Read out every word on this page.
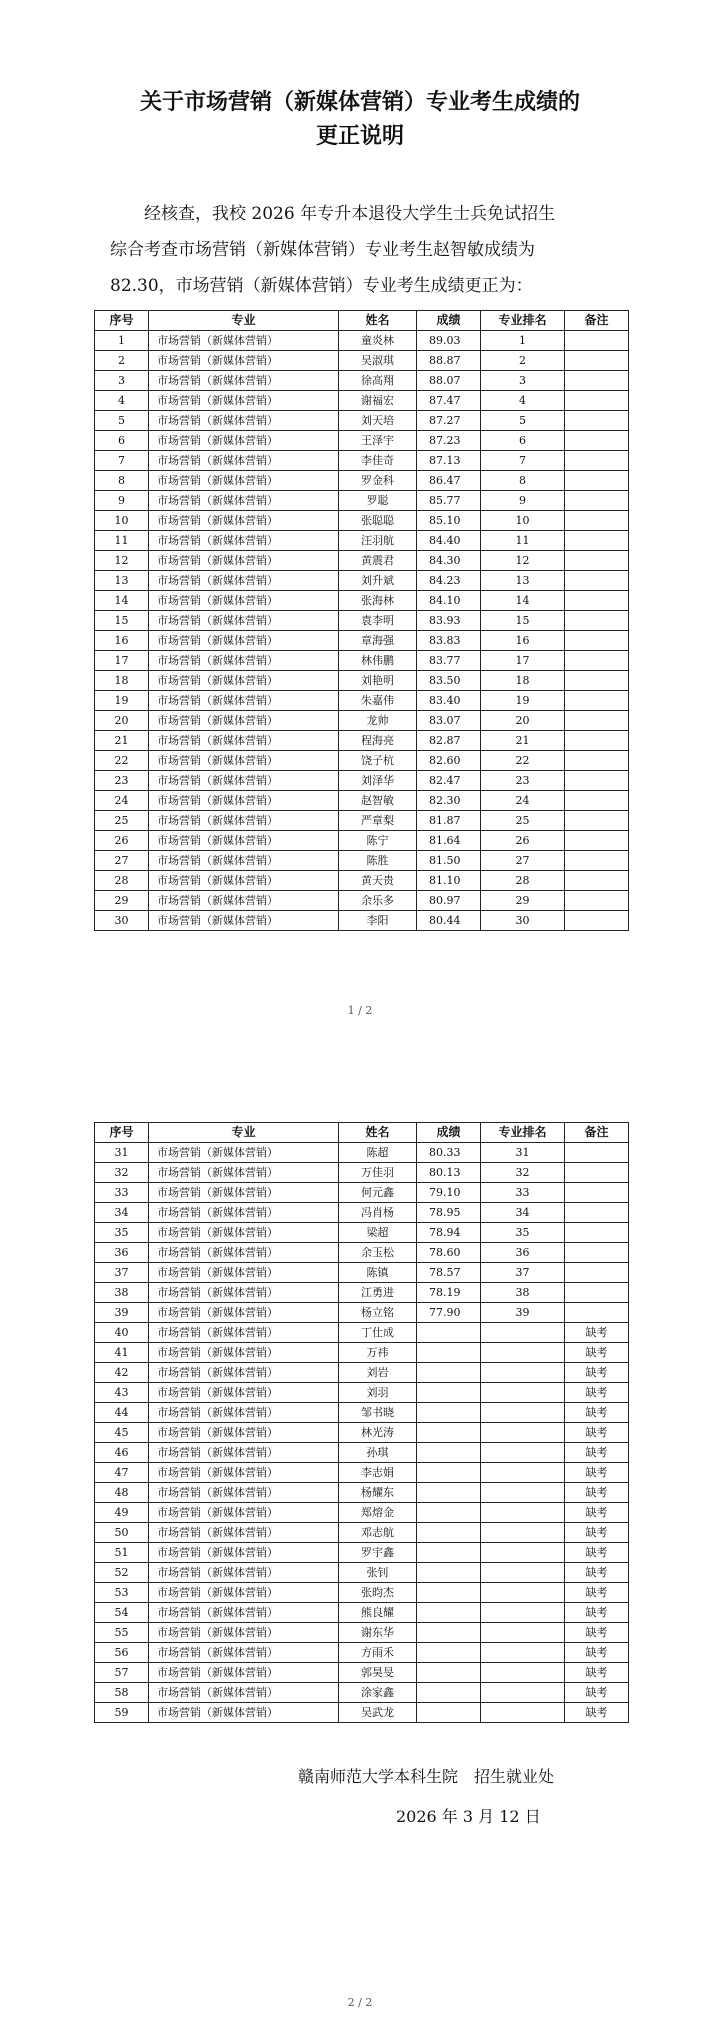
关于市场营销（新媒体营销）专业考生成绩的
更正说明

经核查，我校 2026 年专升本退役大学生士兵免试招生

综合考查市场营销（新媒体营销）专业考生赵智敏成绩为

82.30，市场营销（新媒体营销）专业考生成绩更正为：

序号	专业	姓名	成绩	专业排名	备注
1	市场营销（新媒体营销）	童炎林	89.03	1	
2	市场营销（新媒体营销）	吴淑琪	88.87	2	
3	市场营销（新媒体营销）	徐高翔	88.07	3	
4	市场营销（新媒体营销）	谢福宏	87.47	4	
5	市场营销（新媒体营销）	刘天培	87.27	5	
6	市场营销（新媒体营销）	王泽宇	87.23	6	
7	市场营销（新媒体营销）	李佳奇	87.13	7	
8	市场营销（新媒体营销）	罗金科	86.47	8	
9	市场营销（新媒体营销）	罗聪	85.77	9	
10	市场营销（新媒体营销）	张聪聪	85.10	10	
11	市场营销（新媒体营销）	汪羽航	84.40	11	
12	市场营销（新媒体营销）	黄震君	84.30	12	
13	市场营销（新媒体营销）	刘升斌	84.23	13	
14	市场营销（新媒体营销）	张海林	84.10	14	
15	市场营销（新媒体营销）	袁李明	83.93	15	
16	市场营销（新媒体营销）	章海强	83.83	16	
17	市场营销（新媒体营销）	林伟鹏	83.77	17	
18	市场营销（新媒体营销）	刘艳明	83.50	18	
19	市场营销（新媒体营销）	朱嘉伟	83.40	19	
20	市场营销（新媒体营销）	龙帅	83.07	20	
21	市场营销（新媒体营销）	程海亮	82.87	21	
22	市场营销（新媒体营销）	饶子杭	82.60	22	
23	市场营销（新媒体营销）	刘泽华	82.47	23	
24	市场营销（新媒体营销）	赵智敏	82.30	24	
25	市场营销（新媒体营销）	严章梨	81.87	25	
26	市场营销（新媒体营销）	陈宁	81.64	26	
27	市场营销（新媒体营销）	陈胜	81.50	27	
28	市场营销（新媒体营销）	黄天贵	81.10	28	
29	市场营销（新媒体营销）	余乐多	80.97	29	
30	市场营销（新媒体营销）	李阳	80.44	30	
1 / 2
序号	专业	姓名	成绩	专业排名	备注
31	市场营销（新媒体营销）	陈超	80.33	31	
32	市场营销（新媒体营销）	万佳羽	80.13	32	
33	市场营销（新媒体营销）	何元鑫	79.10	33	
34	市场营销（新媒体营销）	冯肖杨	78.95	34	
35	市场营销（新媒体营销）	梁超	78.94	35	
36	市场营销（新媒体营销）	余玉松	78.60	36	
37	市场营销（新媒体营销）	陈镇	78.57	37	
38	市场营销（新媒体营销）	江勇进	78.19	38	
39	市场营销（新媒体营销）	杨立铭	77.90	39	
40	市场营销（新媒体营销）	丁仕成			缺考
41	市场营销（新媒体营销）	万祎			缺考
42	市场营销（新媒体营销）	刘岩			缺考
43	市场营销（新媒体营销）	刘羽			缺考
44	市场营销（新媒体营销）	邹书晓			缺考
45	市场营销（新媒体营销）	林光涛			缺考
46	市场营销（新媒体营销）	孙琪			缺考
47	市场营销（新媒体营销）	李志娟			缺考
48	市场营销（新媒体营销）	杨耀东			缺考
49	市场营销（新媒体营销）	郑熔金			缺考
50	市场营销（新媒体营销）	邓志航			缺考
51	市场营销（新媒体营销）	罗宇鑫			缺考
52	市场营销（新媒体营销）	张钊			缺考
53	市场营销（新媒体营销）	张昀杰			缺考
54	市场营销（新媒体营销）	熊良耀			缺考
55	市场营销（新媒体营销）	谢东华			缺考
56	市场营销（新媒体营销）	方雨禾			缺考
57	市场营销（新媒体营销）	郭昊旻			缺考
58	市场营销（新媒体营销）	涂家鑫			缺考
59	市场营销（新媒体营销）	吴武龙			缺考
赣南师范大学本科生院　招生就业处
2026 年 3 月 12 日
2 / 2
